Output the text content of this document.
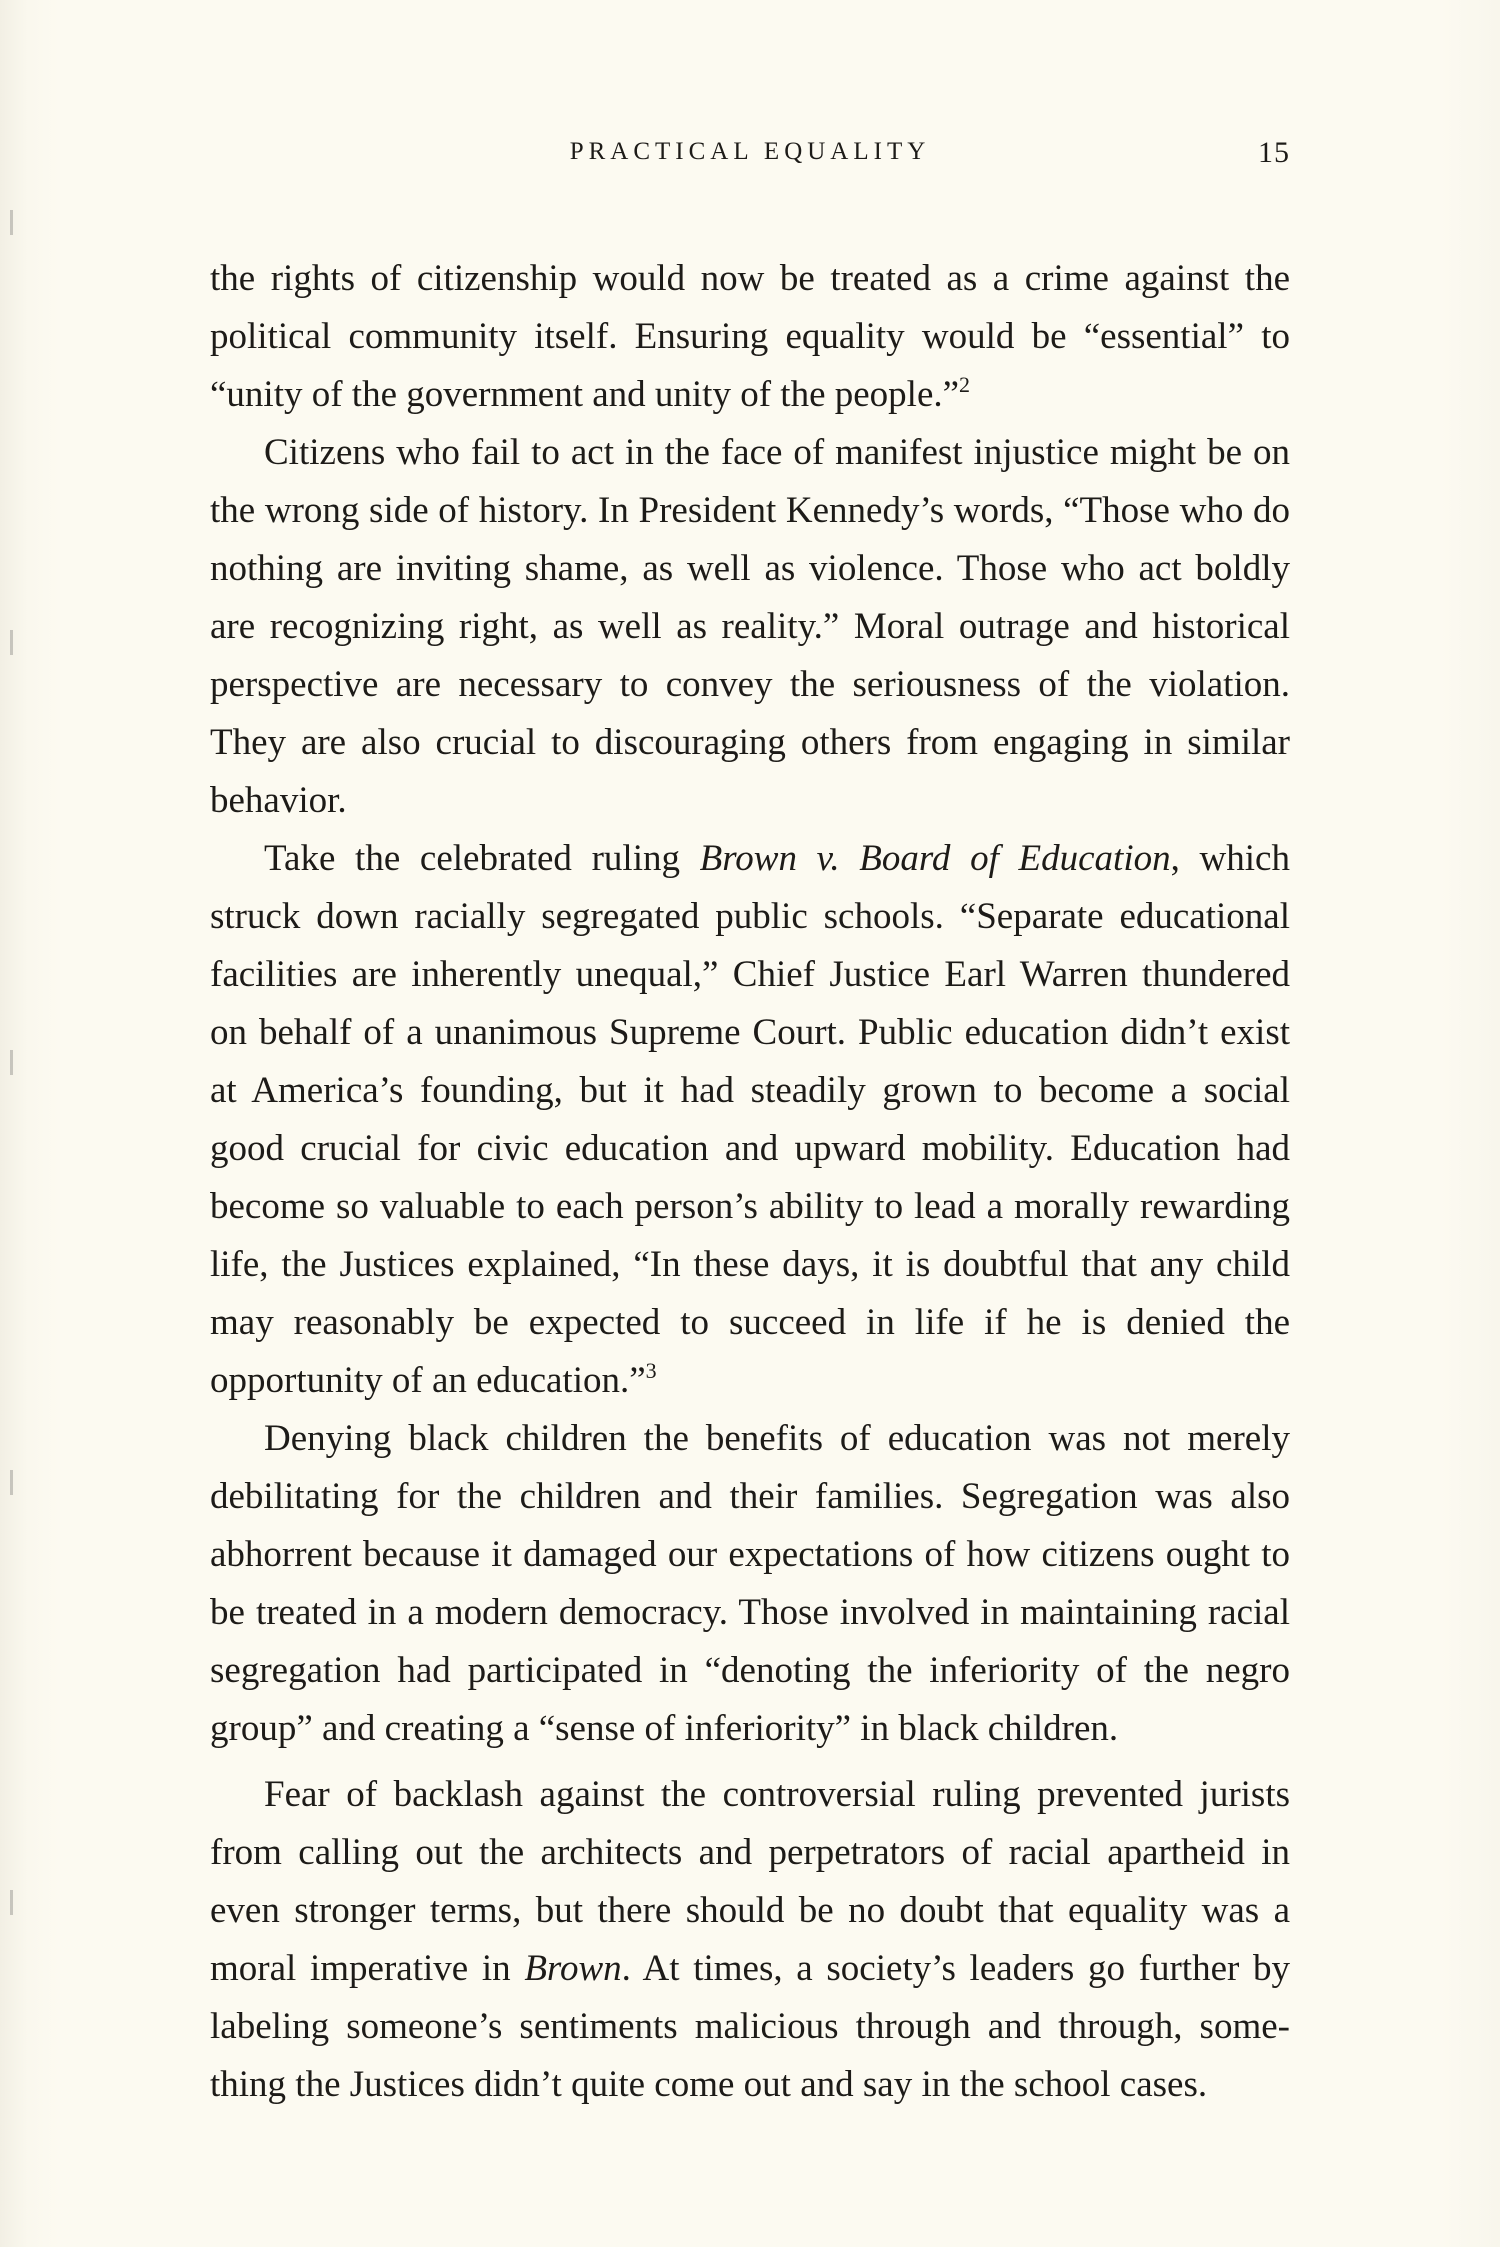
PRACTICAL EQUALITY	15

the rights of citizenship would now be treated as a crime against the political community itself. Ensuring equality would be “essential” to “unity of the government and unity of the people.”$^2$

Citizens who fail to act in the face of manifest injustice might be on the wrong side of history. In President Kennedy’s words, “Those who do nothing are inviting shame, as well as violence. Those who act boldly are recognizing right, as well as reality.” Moral outrage and historical perspective are necessary to convey the seriousness of the violation. They are also crucial to discouraging others from engaging in similar behavior.

Take the celebrated ruling Brown v. Board of Education, which struck down racially segregated public schools. “Separate educational facilities are inherently unequal,” Chief Justice Earl Warren thundered on behalf of a unanimous Supreme Court. Public education didn’t exist at America’s founding, but it had steadily grown to become a social good crucial for civic education and upward mobility. Education had become so valuable to each person’s ability to lead a morally rewarding life, the Justices explained, “In these days, it is doubtful that any child may reasonably be expected to succeed in life if he is denied the opportunity of an education.”$^3$

Denying black children the benefits of education was not merely debilitating for the children and their families. Segregation was also abhorrent because it damaged our expectations of how citizens ought to be treated in a modern democracy. Those involved in maintaining racial segregation had participated in “denoting the inferiority of the negro group” and creating a “sense of inferiority” in black children.

Fear of backlash against the controversial ruling prevented jurists from calling out the architects and perpetrators of racial apartheid in even stronger terms, but there should be no doubt that equality was a moral imperative in Brown. At times, a society’s leaders go further by labeling someone’s sentiments malicious through and through, something the Justices didn’t quite come out and say in the school cases.
